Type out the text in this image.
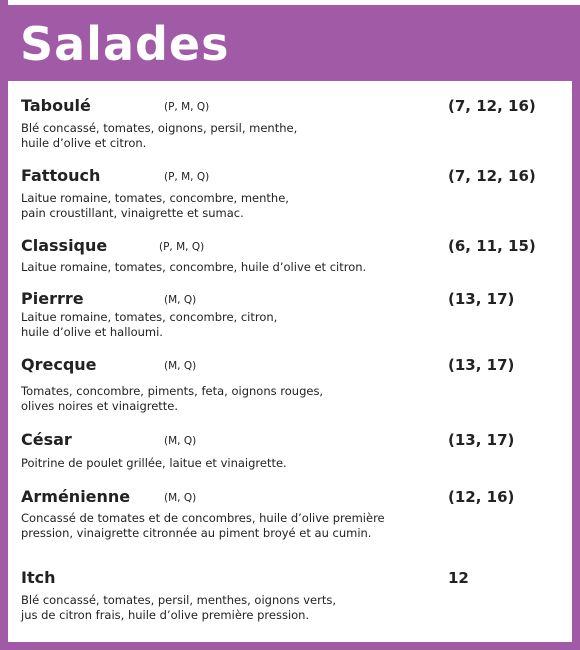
Salades
Taboulé	(P, M, Q)	(7, 12, 16)
Blé concassé, tomates, oignons, persil, menthe,
huile d’olive et citron.
Fattouch	(P, M, Q)	(7, 12, 16)
Laitue romaine, tomates, concombre, menthe,
pain croustillant, vinaigrette et sumac.
Classique	(P, M, Q)	(6, 11, 15)
Laitue romaine, tomates, concombre, huile d’olive et citron.
Pierrre	(M, Q)	(13, 17)
Laitue romaine, tomates, concombre, citron,
huile d’olive et halloumi.
Qrecque	(M, Q)	(13, 17)
Tomates, concombre, piments, feta, oignons rouges,
olives noires et vinaigrette.
César	(M, Q)	(13, 17)
Poitrine de poulet grillée, laitue et vinaigrette.
Arménienne	(M, Q)	(12, 16)
Concassé de tomates et de concombres, huile d’olive première
pression, vinaigrette citronnée au piment broyé et au cumin.
Itch	12
Blé concassé, tomates, persil, menthes, oignons verts,
jus de citron frais, huile d’olive première pression.
